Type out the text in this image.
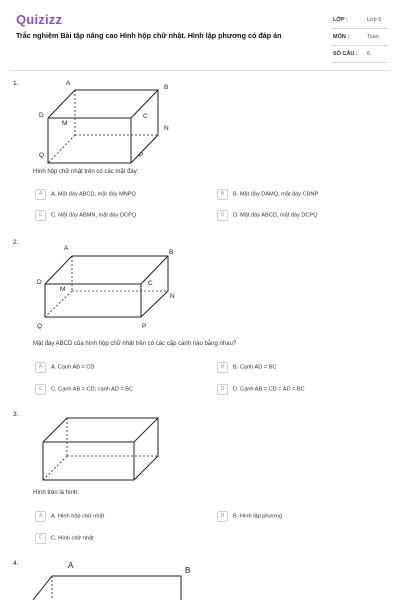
Quizizz
Trắc nghiệm Bài tập nâng cao Hình hộp chữ nhật. Hình lập phương có đáp án
LỚP :	Lớp 5
MÔN :	Toán
SỐ CÂU : 6
1.	A
B
C
D
M
N
P
Q
Hình hộp chữ nhật trên có các mặt đáy:
A A. Mặt đáy ABCD, mặt đáy MNPQ	B B. Mặt đáy DAMQ, mặt đáy CBNP
C C. Mặt đáy ABMN, mặt đáy DCPQ	D D. Mặt đáy ABCD, mặt đáy DCPQ
2.
A
B
C
D
M
N
P
Q
Mặt đáy ABCD của hình hộp chữ nhật trên có các cặp cạnh nào bằng nhau?
A A. Cạnh AB = CD	B B. Cạnh AD = BC
C C. Cạnh AB = CD; cạnh AD = BC	D D. Cạnh AB = CD = AD = BC
3.
Hình trên là hình:
A A. Hình hộp chữ nhật	B B. Hình lập phương
C C. Hình chữ nhật
4.	A
B
